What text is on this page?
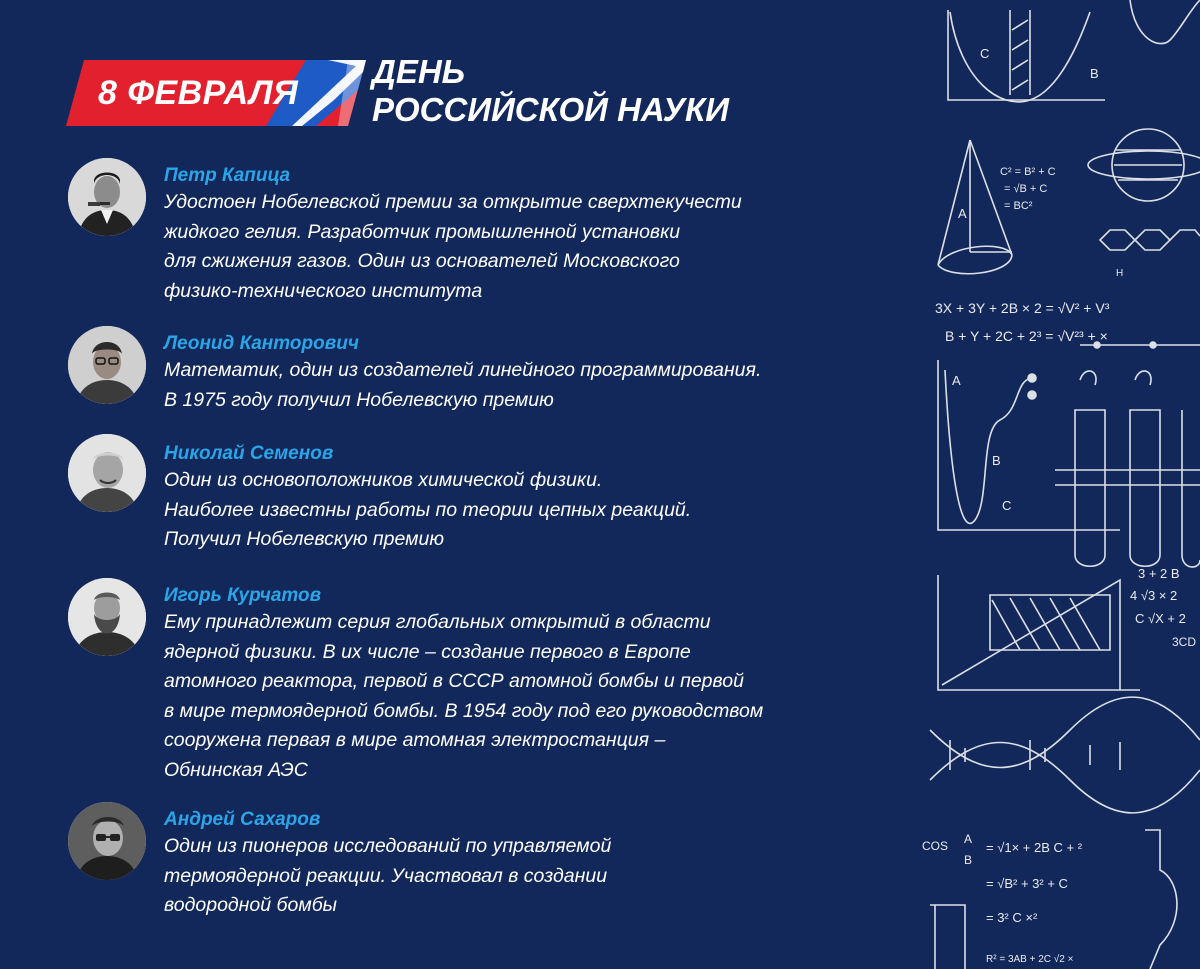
8 ФЕВРАЛЯ
ДЕНЬ
РОССИЙСКОЙ НАУКИ
Петр Капица
Удостоен Нобелевской премии за открытие сверхтекучести
жидкого гелия. Разработчик промышленной установки
для сжижения газов. Один из основателей Московского
физико-технического института
Леонид Канторович
Математик, один из создателей линейного программирования.
В 1975 году получил Нобелевскую премию
Николай Семенов
Один из основоположников химической физики.
Наиболее известны работы по теории цепных реакций.
Получил Нобелевскую премию
Игорь Курчатов
Ему принадлежит серия глобальных открытий в области
ядерной физики. В их числе – создание первого в Европе
атомного реактора, первой в СССР атомной бомбы и первой
в мире термоядерной бомбы. В 1954 году под его руководством
сооружена первая в мире атомная электростанция –
Обнинская АЭС
Андрей Сахаров
Один из пионеров исследований по управляемой
термоядерной реакции. Участвовал в создании
водородной бомбы
C
B
A
C² = B² + C
= √B + C
= BC²
H
3X + 3Y + 2B × 2 = √V² + V³
B + Y + 2C + 2³ = √V²³ + ×
A
B
C
3 + 2 B
4 √3 × 2
C √X + 2
3CD
COS A
B
= √1× + 2B C + ²
= √B² + 3² + C
= 3² C ×²
R² = 3AB + 2C √2 ×
